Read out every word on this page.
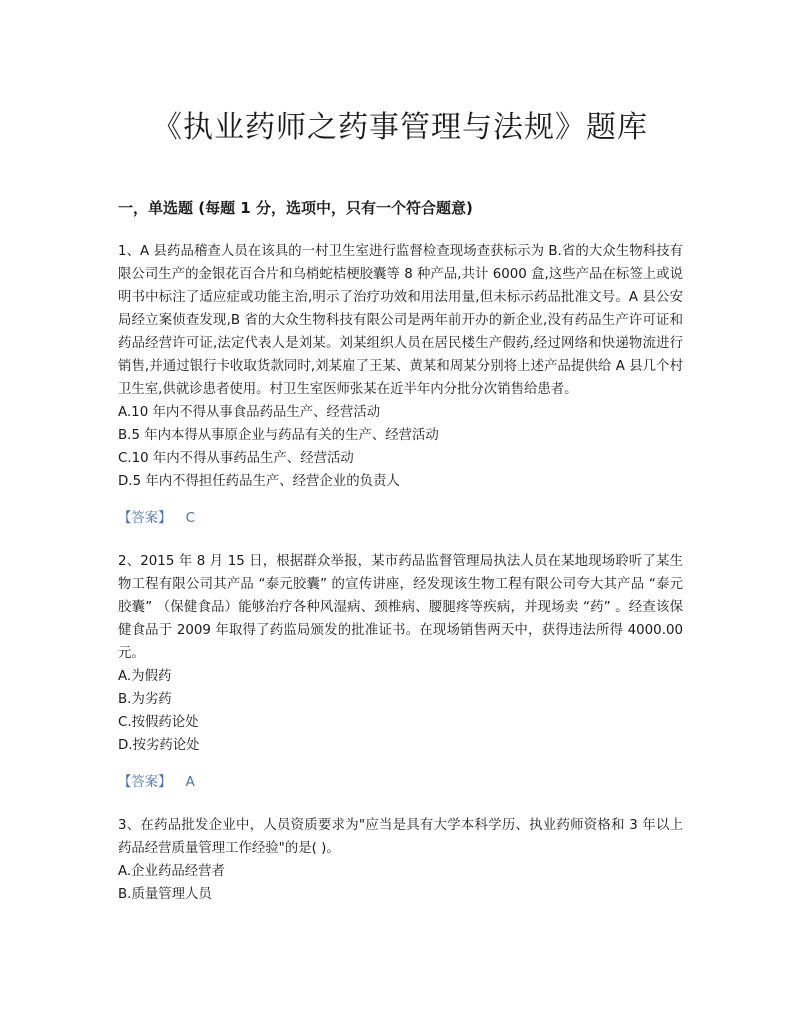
《执业药师之药事管理与法规》题库
一，单选题 (每题 1 分，选项中，只有一个符合题意)

1、A 县药品稽查人员在该具的一村卫生室进行监督检查现场查获标示为 B.省的大众生物科技有限公司生产的金银花百合片和乌梢蛇桔梗胶囊等 8 种产品,共计 6000 盒,这些产品在标签上或说明书中标注了适应症或功能主治,明示了治疗功效和用法用量,但未标示药品批准文号。A 县公安局经立案侦查发现,B 省的大众生物科技有限公司是两年前开办的新企业,没有药品生产许可证和药品经营许可证,法定代表人是刘某。刘某组织人员在居民楼生产假药,经过网络和快递物流进行销售,并通过银行卡收取货款同时,刘某雇了王某、黄某和周某分别将上述产品提供给 A 县几个村卫生室,供就诊患者使用。村卫生室医师张某在近半年内分批分次销售给患者。

A.10 年内不得从事食品药品生产、经营活动
B.5 年内本得从事原企业与药品有关的生产、经营活动
C.10 年内不得从事药品生产、经营活动
D.5 年内不得担任药品生产、经营企业的负责人
【答案】 C

2、2015 年 8 月 15 日，根据群众举报，某市药品监督管理局执法人员在某地现场聆听了某生物工程有限公司其产品 “泰元胶囊” 的宣传讲座，经发现该生物工程有限公司夸大其产品 “泰元胶囊” （保健食品）能够治疗各种风湿病、颈椎病、腰腿疼等疾病，并现场卖 “药” 。经查该保健食品于 2009 年取得了药监局颁发的批准证书。在现场销售两天中，获得违法所得 4000.00 元。

A.为假药
B.为劣药
C.按假药论处
D.按劣药论处
【答案】 A

3、在药品批发企业中，人员资质要求为"应当是具有大学本科学历、执业药师资格和 3 年以上药品经营质量管理工作经验"的是( )。

A.企业药品经营者
B.质量管理人员
